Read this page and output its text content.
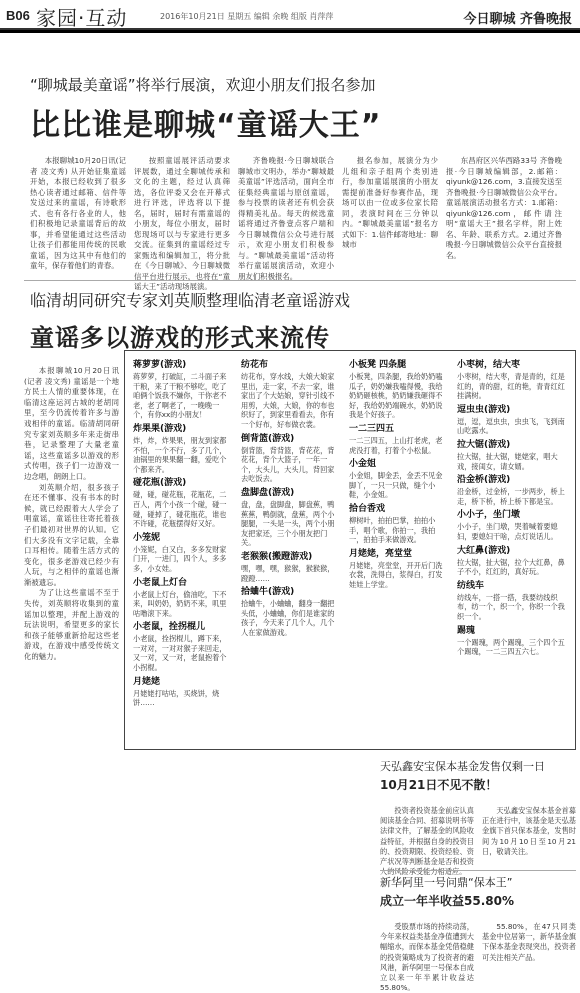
B06 家园·互动	2016年10月21日 星期五 编辑 余晚 组版 肖萍萍	今日聊城 齐鲁晚报
“聊城最美童谣”将举行展演，欢迎小朋友们报名参加
比比谁是聊城“童谣大王”

本报聊城10月20日讯(记者 凌文秀) 从开始征集童谣开始，本报已经收到了很多热心读者通过邮箱、信件等发送过来的童谣，有诗歌形式、也有各行各业的人，他们积极地记录童谣背后的故事，并希望能通过这些活动让孩子们都能用传统的民歌童谣，因为这其中有他们的童年，保存着他们的青春。

按照童谣展评活动要求评展数，通过全聊城传承和文化的主题，经过认真筛选，各位评委又会在开幕式进行评选，评选将以下提名，届时，届时有需童谣的小朋友，每位小朋友，届时您现场可以与专家进行更多交流。征集到的童谣经过专家甄选和编辑加工，将分批在《今日聊城》、今日聊城微信平台进行展示，也将在“童谣大王”活动现场展演。

齐鲁晚报·今日聊城联合聊城市文明办，举办“聊城最美童谣”评选活动，面向全市征集经典童谣与原创童谣，参与投票的读者还有机会获得精美礼品。每天的候选童谣将通过齐鲁壹点客户端和今日聊城微信公众号进行展示，欢迎小朋友们积极参与。“聊城最美童谣”活动将举行童谣展演活动，欢迎小朋友们积极报名。

报名参加，展演分为少儿组和亲子组两个类别进行，参加童谣展演的小朋友需提前准备好参赛作品，现场可以由一位或多位家长陪同，表演时间在三分钟以内。“聊城最美童谣”报名方式如下：1.信件邮寄地址：聊城市

东昌府区兴华西路33号 齐鲁晚报·今日聊城编辑部，2.邮箱：qiyunk@126.com，3.直接发送至齐鲁晚报·今日聊城微信公众平台。童谣展演活动报名方式：1.邮箱：qiyunk@126.com，邮件请注明“童谣大王”报名字样，附上姓名、年龄、联系方式。2.通过齐鲁晚报·今日聊城微信公众平台直接报名。

临清胡同研究专家刘英顺整理临清老童谣游戏
童谣多以游戏的形式来流传

本报聊城10月20日讯(记者 凌文秀) 童谣是一个地方民土人情的重要体现，在临清这座运河古城的老胡同里，至今仍流传着许多与游戏相伴的童谣。临清胡同研究专家刘英顺多年来走街串巷，记录整理了大量老童谣，这些童谣多以游戏的形式传唱，孩子们一边游戏一边念唱，朗朗上口。

刘英顺介绍，很多孩子在还不懂事、没有书本的时候，就已经跟着大人学会了唱童谣，童谣往往寄托着孩子们最初对世界的认知。它们大多没有文字记载，全靠口耳相传。随着生活方式的变化，很多老游戏已经少有人玩，与之相伴的童谣也渐渐被遗忘。

为了让这些童谣不至于失传，刘英顺将收集到的童谣加以整理，并配上游戏的玩法说明，希望更多的家长和孩子能够重新拾起这些老游戏，在游戏中感受传统文化的魅力。

蒋萝萝(游戏)
蒋萝萝，打破缸，二斗面子来干粮，来了干粮不够吃，吃了咱俩个饭我不嫌你，干你老不老，老了啊老了，一晚晚一个，有你xx的小朋友！
炸果果(游戏)
炸，炸，炸果果，朋友到家都不怕，一个不行，多了几个，油锅里的果果翻一翻，爱吃个个都来齐。
碰花瓶(游戏)
碰，碰，碰花瓶，花瓶花，二百人，两个小孩一个碰，碰一碰，碰掉了，碰花瓶花，谁也不许碰，花瓶摆得好又好。
小笼妮
小笼妮，白又白，多多发财家门开，一进门，四个人，多多多，小女娃。
小老鼠上灯台
小老鼠上灯台，偷油吃，下不来，叫奶奶，奶奶不来，叽里咕噜滚下来。
小老鼠，拴拐棍儿
小老鼠，拴拐棍儿，蹲下来，一对对，一对对猴子来回走，又一对，又一对，老鼠抱着个小拐棍。
月姥姥
月姥姥打咕咕，买烧饼，烧饼……
纺花布
纺花布，穿水线，大娘大娘家里出，走一家，不去一家，谁家出了个大姑娘，穿针引线不用剪，大娘，大娘，你的布也织好了，到家里看看去，你有一个好布，好布做衣裳。
倒背篮(游戏)
倒背篮，背背篮，背花花，背花花，背个大篮子，一年一个，大头儿，大头儿，背回家去吃饭去。
盘脚盘(游戏)
盘，盘，盘脚盘，脚盘蕉，鸭蕉蕉，鸭倒就，盘蕉，两个小腿腿，一头是一头，两个小朋友把家还，三个小朋友把门关。
老猴猴(搬蹬游戏)
嘿，嘿，嘿，猴猴，猴猴猴，蹬蹬……
拾蛐牛(游戏)
拾蛐牛，小蛐蛐，翻身一翻把头低，小蛐蛐，你们是谁家的孩子，今天来了几个人，几个人在家做游戏。
小板凳 四条腿
小板凳，四条腿，我给奶奶嗑瓜子，奶奶嫌我嗑得慢，我给奶奶砸核桃，奶奶嫌我砸得不好，我给奶奶端碗水，奶奶说我是个好孩子。
一二三四五
一二三四五，上山打老虎，老虎没打着，打着个小松鼠。
小金姐
小金姐，脚金丢，金丢不见金脚丫，一只一只做，缝个小鞋，小金姐。
拾台香戏
柳树叶，拍拍巴掌，拍拍小手，唱个歌，你拍一，我拍一，拍拍手来做游戏。
月姥姥，亮堂堂
月姥姥，亮堂堂，开开后门洗衣裳，洗得白，浆得白，打发娃娃上学堂。
小枣树，结大枣
小枣树，结大枣，青是青的，红是红的，青的甜，红的艳，青青红红挂满树。
逗虫虫(游戏)
逗，逗，逗虫虫，虫虫飞，飞到南山吃露水。
拉大锯(游戏)
拉大锯，扯大锯，姥姥家，唱大戏，接闺女，请女婿。
沿金桥(游戏)
沿金桥，过金桥，一步两步，桥上走，桥下桥，桥上桥下都是宝。
小小子，坐门墩
小小子，坐门墩，哭着喊着要媳妇，要媳妇干啥，点灯说话儿。
大红鼻(游戏)
拉大锯，扯大锯，拉个大红鼻，鼻子不小，红红的，真好玩。
纺线车
纺线车，一搭一搭，我要纺线织布，纺一个，织一个，你织一个我织一个。
踢瑰
一个踢瑰，两个踢瑰，三个四个五个踢瑰，一二三四五六七。
天弘鑫安宝保本基金发售仅剩一日
10月21日不见不散！

投资者投资基金前应认真阅读基金合同、招募说明书等法律文件，了解基金的风险收益特征，并根据自身的投资目的、投资期限、投资经验、资产状况等判断基金是否和投资人的风险承受能力相适应。

天弘鑫安宝保本基金首募正在进行中，该基金是天弘基金旗下首只保本基金，发售时间为10月10日至10月21日，敬请关注。

新华阿里一号问鼎“保本王”
成立一年半收益55.80%

受股票市场的持续动荡，今年来权益类基金净值遭到大幅缩水，而保本基金凭借稳健的投资策略成为了投资者的避风港，新华阿里一号保本自成立以来一年半累计收益达55.80%。

55.80%，在47只同类基金中位居第一，新华基金旗下保本基金表现突出，投资者可关注相关产品。
